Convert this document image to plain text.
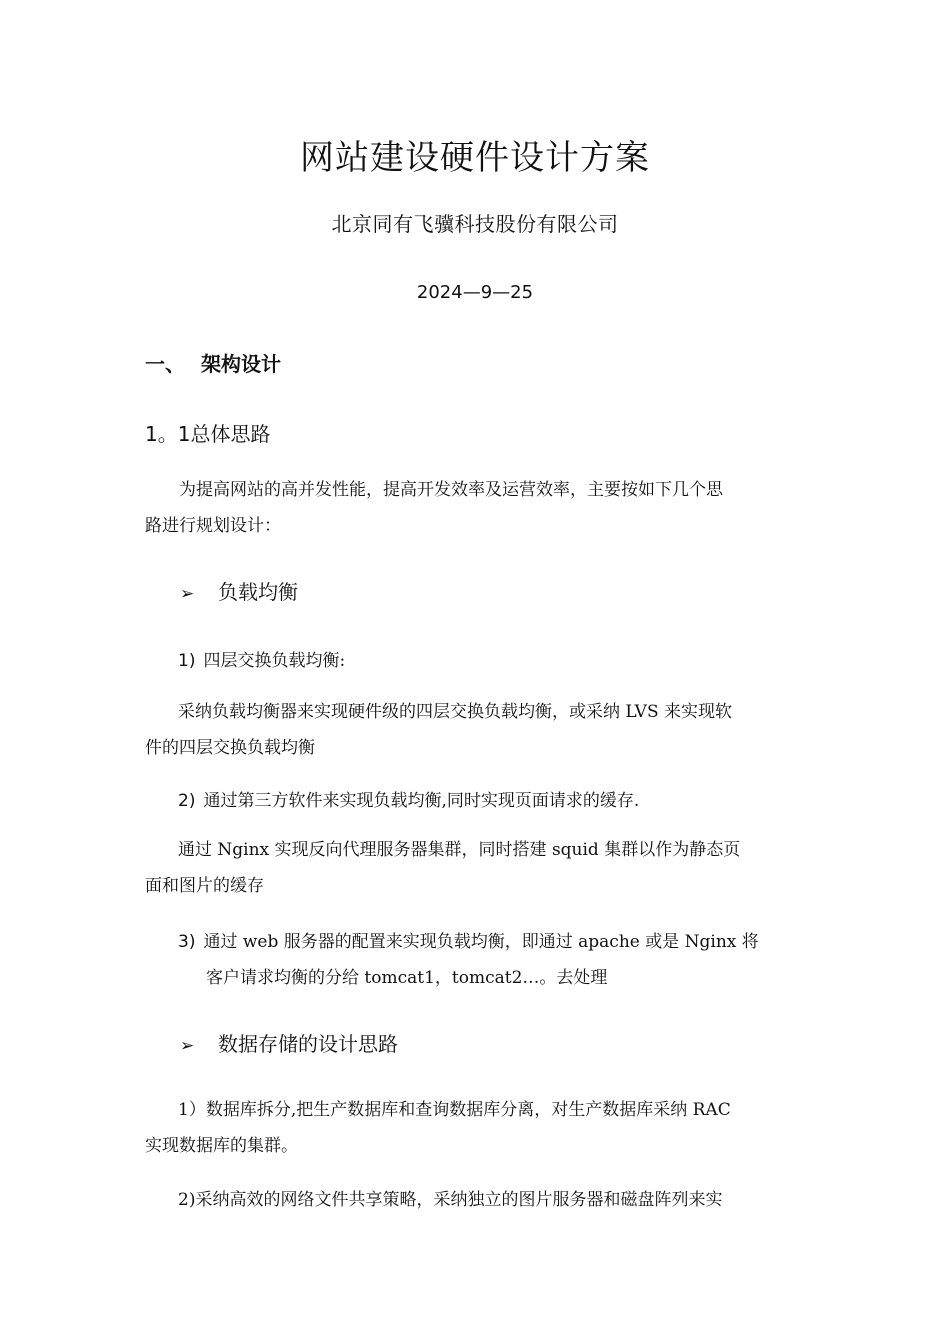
网站建设硬件设计方案
北京同有飞骥科技股份有限公司
2024—9—25
一、 架构设计
1。1总体思路
为提高网站的高并发性能，提高开发效率及运营效率，主要按如下几个思
路进行规划设计：
➢ 负载均衡
1) 四层交换负载均衡:
采纳负载均衡器来实现硬件级的四层交换负载均衡，或采纳 LVS 来实现软
件的四层交换负载均衡
2) 通过第三方软件来实现负载均衡,同时实现页面请求的缓存.
通过 Nginx 实现反向代理服务器集群，同时搭建 squid 集群以作为静态页
面和图片的缓存
3) 通过 web 服务器的配置来实现负载均衡，即通过 apache 或是 Nginx 将
客户请求均衡的分给 tomcat1，tomcat2…。去处理
➢ 数据存储的设计思路
1）数据库拆分,把生产数据库和查询数据库分离，对生产数据库采纳 RAC
实现数据库的集群。
2)采纳高效的网络文件共享策略，采纳独立的图片服务器和磁盘阵列来实
